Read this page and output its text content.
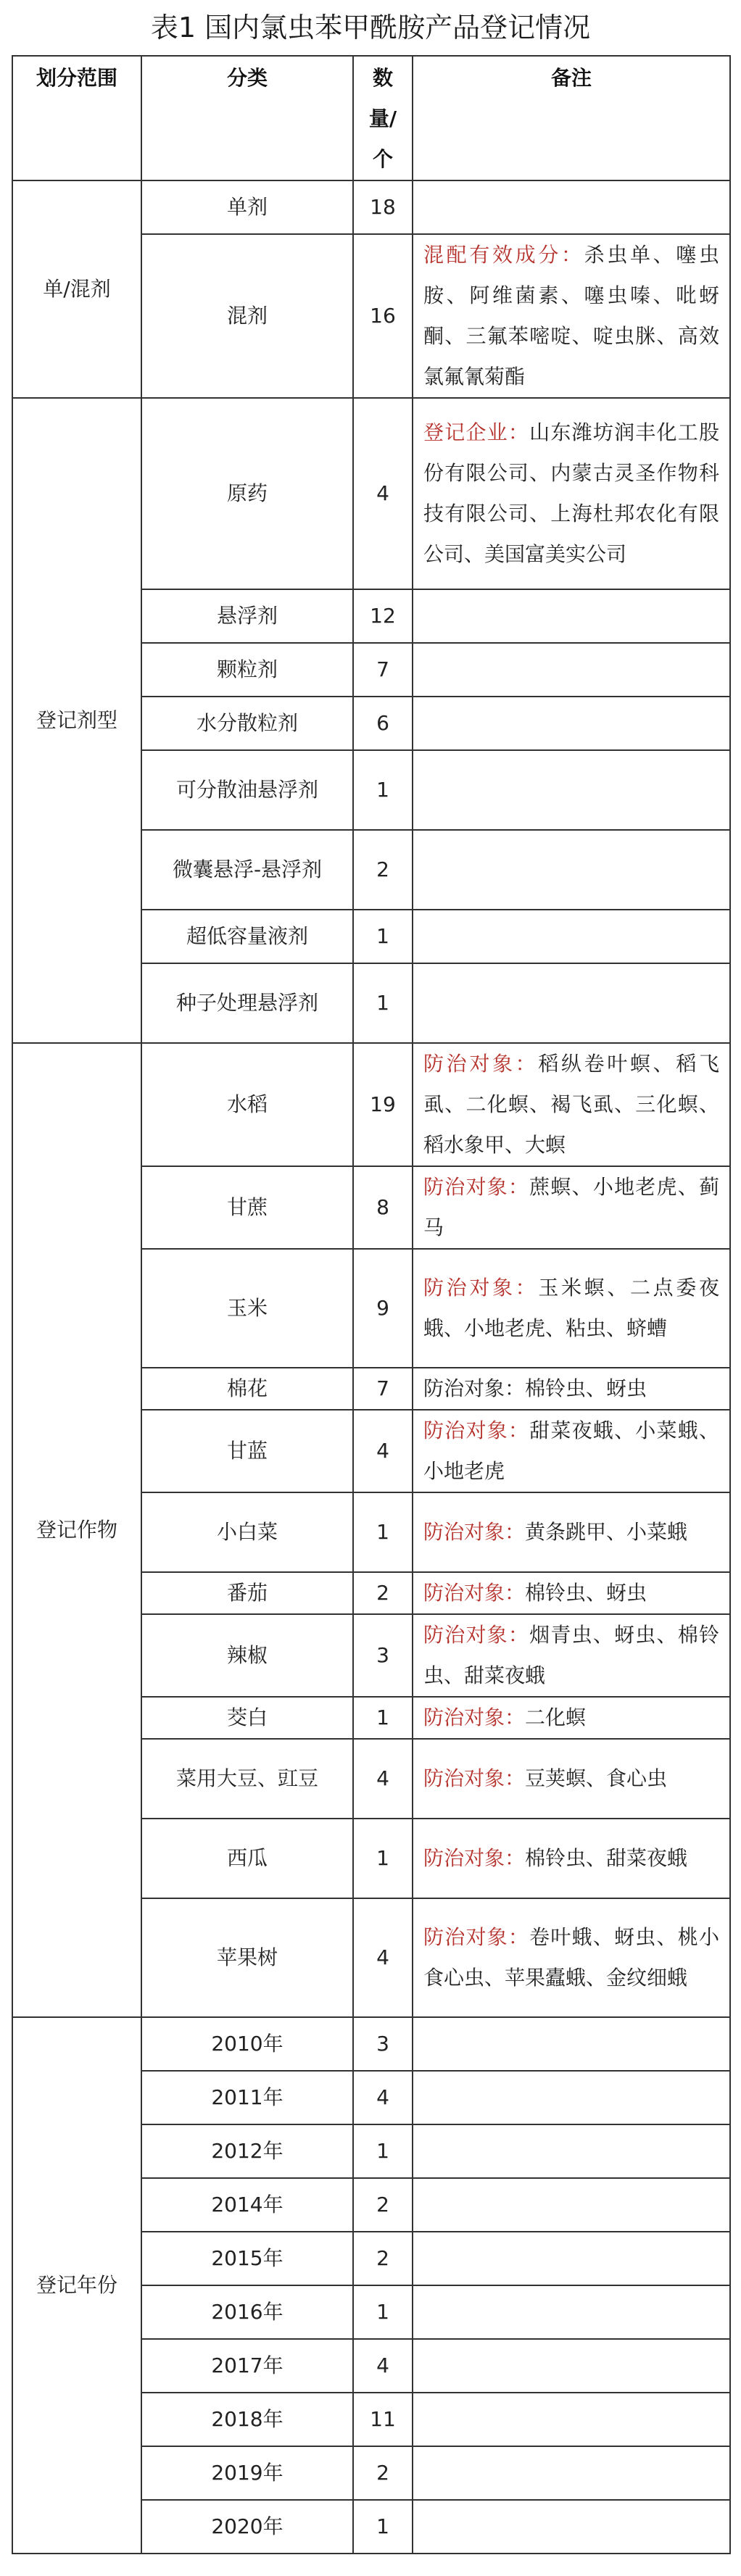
表1 国内氯虫苯甲酰胺产品登记情况
划分范围	分类	数量/个	备注
单/混剂	单剂	18	
	混剂	16	混配有效成分：杀虫单、噻虫胺、阿维菌素、噻虫嗪、吡蚜酮、三氟苯嘧啶、啶虫脒、高效氯氟氰菊酯
登记剂型	原药	4	登记企业：山东潍坊润丰化工股份有限公司、内蒙古灵圣作物科技有限公司、上海杜邦农化有限公司、美国富美实公司
	悬浮剂	12	
	颗粒剂	7	
	水分散粒剂	6	
	可分散油悬浮剂	1	
	微囊悬浮-悬浮剂	2	
	超低容量液剂	1	
	种子处理悬浮剂	1	
登记作物	水稻	19	防治对象：稻纵卷叶螟、稻飞虱、二化螟、褐飞虱、三化螟、稻水象甲、大螟
	甘蔗	8	防治对象：蔗螟、小地老虎、蓟马
	玉米	9	防治对象：玉米螟、二点委夜蛾、小地老虎、粘虫、蛴螬
	棉花	7	防治对象：棉铃虫、蚜虫
	甘蓝	4	防治对象：甜菜夜蛾、小菜蛾、小地老虎
	小白菜	1	防治对象：黄条跳甲、小菜蛾
	番茄	2	防治对象：棉铃虫、蚜虫
	辣椒	3	防治对象：烟青虫、蚜虫、棉铃虫、甜菜夜蛾
	茭白	1	防治对象：二化螟
	菜用大豆、豇豆	4	防治对象：豆荚螟、食心虫
	西瓜	1	防治对象：棉铃虫、甜菜夜蛾
	苹果树	4	防治对象：卷叶蛾、蚜虫、桃小食心虫、苹果蠹蛾、金纹细蛾
登记年份	2010年	3	
	2011年	4	
	2012年	1	
	2014年	2	
	2015年	2	
	2016年	1	
	2017年	4	
	2018年	11	
	2019年	2	
	2020年	1	
